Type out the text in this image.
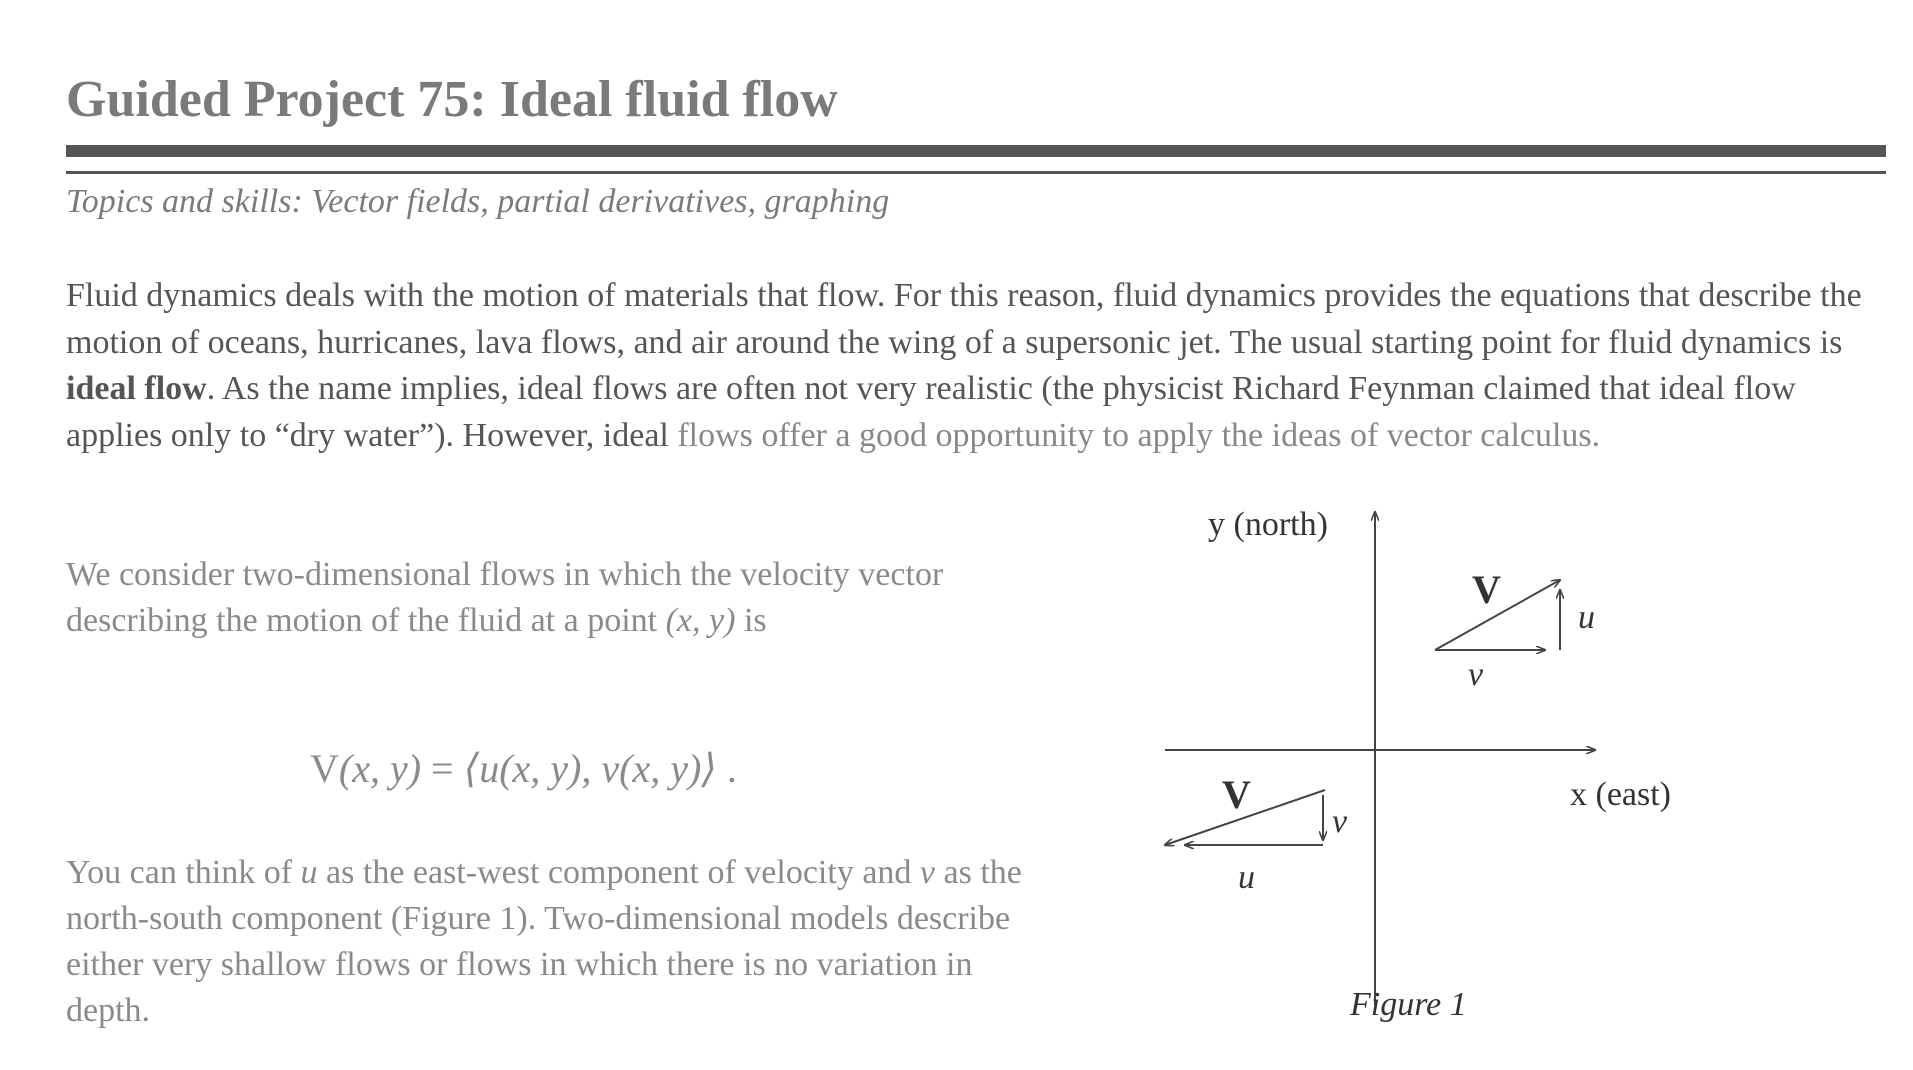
Guided Project 75: Ideal fluid flow
Topics and skills: Vector fields, partial derivatives, graphing
Fluid dynamics deals with the motion of materials that flow. For this reason, fluid dynamics provides the equations that describe the motion of oceans, hurricanes, lava flows, and air around the wing of a supersonic jet. The usual starting point for fluid dynamics is ideal flow. As the name implies, ideal flows are often not very realistic (the physicist Richard Feynman claimed that ideal flow applies only to “dry water”). However, ideal flows offer a good opportunity to apply the ideas of vector calculus.
We consider two-dimensional flows in which the velocity vector describing the motion of the fluid at a point (x, y) is
V(x, y) = ⟨u(x, y), v(x, y)⟩ .
You can think of u as the east-west component of velocity and v as the north-south component (Figure 1). Two-dimensional models describe either very shallow flows or flows in which there is no variation in depth.
y (north)
x (east)
V
u
v
V
v
u
Figure 1
